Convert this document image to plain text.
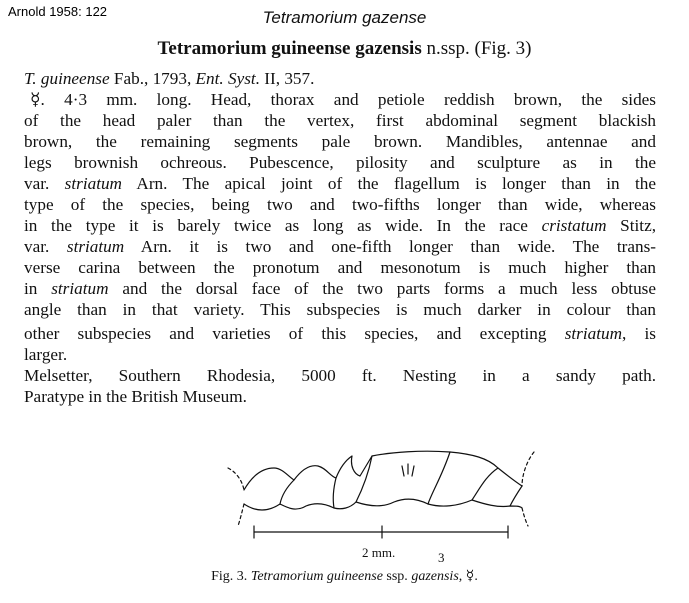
Arnold 1958: 122	Tetramorium gazense
Tetramorium guineense gazensis n.ssp. (Fig. 3)
T. guineense Fab., 1793, Ent. Syst. II, 357.
☿. 4·3 mm. long. Head, thorax and petiole reddish brown, the sides
of the head paler than the vertex, first abdominal segment blackish
brown, the remaining segments pale brown. Mandibles, antennae and
legs brownish ochreous. Pubescence, pilosity and sculpture as in the
var. striatum Arn. The apical joint of the flagellum is longer than in the
type of the species, being two and two-fifths longer than wide, whereas
in the type it is barely twice as long as wide. In the race cristatum Stitz,
var. striatum Arn. it is two and one-fifth longer than wide. The trans-
verse carina between the pronotum and mesonotum is much higher than
in striatum and the dorsal face of the two parts forms a much less obtuse
angle than in that variety. This subspecies is much darker in colour than
other subspecies and varieties of this species, and excepting striatum, is
larger.
Melsetter, Southern Rhodesia, 5000 ft. Nesting in a sandy path.
Paratype in the British Museum.
2 mm.	3
Fig. 3. Tetramorium guineense ssp. gazensis, ☿.
